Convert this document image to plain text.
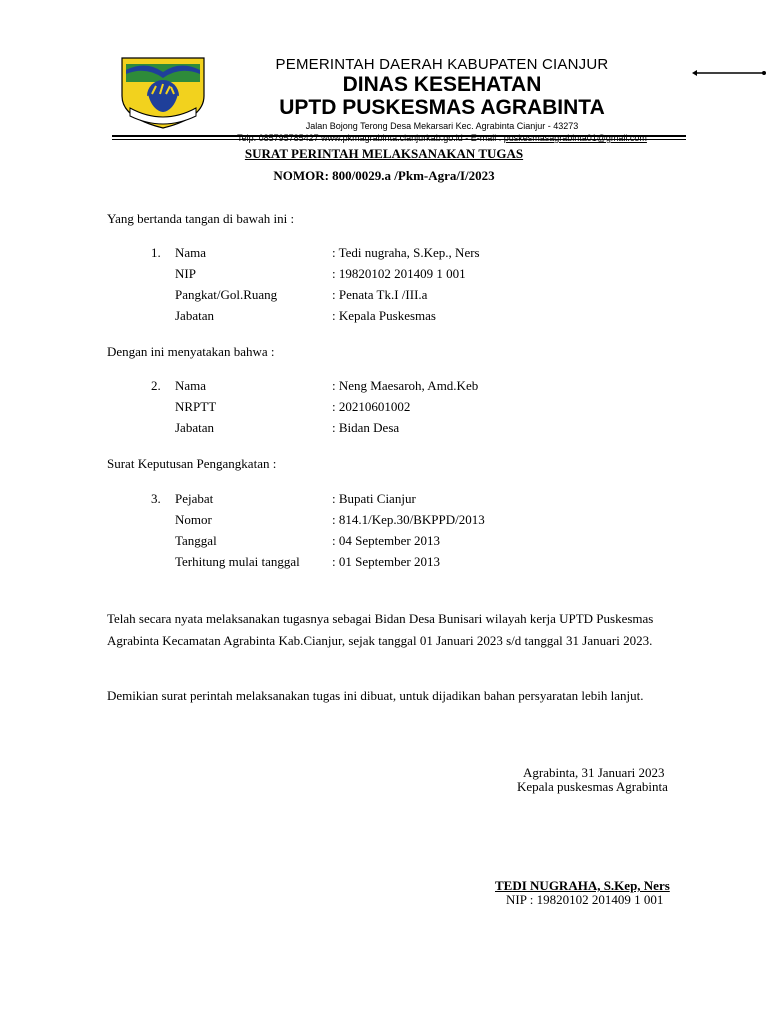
PEMERINTAH DAERAH KABUPATEN CIANJUR
DINAS KESEHATAN
UPTD PUSKESMAS AGRABINTA
Jalan Bojong Terong Desa Mekarsari Kec. Agrabinta Cianjur - 43273
Telp. 085795785427 www.pkmagrabinta.cianjurkab.go.id - E-mail : puskesmasagrabinta01@gmail.com
SURAT PERINTAH MELAKSANAKAN TUGAS
NOMOR: 800/0029.a /Pkm-Agra/I/2023
Yang bertanda tangan di bawah ini :
1. Nama	: Tedi nugraha, S.Kep., Ners
NIP	: 19820102 201409 1 001
Pangkat/Gol.Ruang	: Penata Tk.I /III.a
Jabatan	: Kepala Puskesmas
Dengan ini menyatakan bahwa :
2. Nama	: Neng Maesaroh, Amd.Keb
NRPTT	: 20210601002
Jabatan	: Bidan Desa
Surat Keputusan Pengangkatan :
3. Pejabat	: Bupati Cianjur
Nomor	: 814.1/Kep.30/BKPPD/2013
Tanggal	: 04 September 2013
Terhitung mulai tanggal : 01 September 2013
Telah secara nyata melaksanakan tugasnya sebagai Bidan Desa Bunisari wilayah kerja UPTD Puskesmas Agrabinta Kecamatan Agrabinta Kab.Cianjur, sejak tanggal 01 Januari 2023 s/d tanggal 31 Januari 2023.
Demikian surat perintah melaksanakan tugas ini dibuat, untuk dijadikan bahan persyaratan lebih lanjut.
Agrabinta, 31 Januari 2023
Kepala puskesmas Agrabinta
TEDI NUGRAHA, S.Kep, Ners
NIP : 19820102 201409 1 001
